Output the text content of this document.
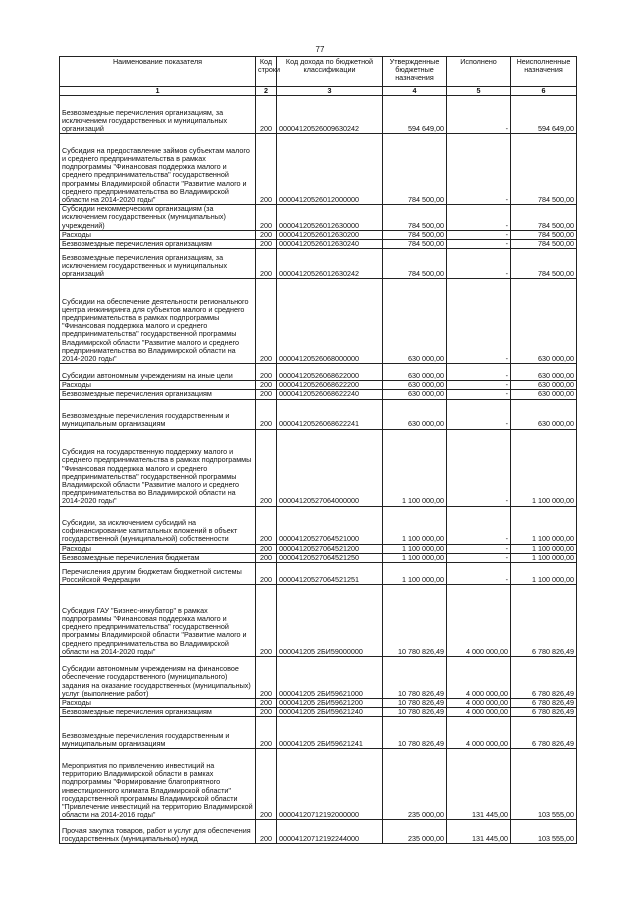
77
Наименование показателя	Код строки	Код дохода по бюджетной классификации	Утвержденные бюджетные назначения	Исполнено	Неисполненные назначения
1	2	3	4	5	6
Безвозмездные перечисления организациям, за исключением государственных и муниципальных организаций	200	00004120526009630242	594 649,00	-	594 649,00
Субсидия на предоставление займов субъектам малого и среднего предпринимательства в рамках подпрограммы "Финансовая поддержка малого и среднего предпринимательства" государственной программы Владимирской области "Развитие малого и среднего предпринимательства во Владимирской области на 2014-2020 годы"	200	00004120526012000000	784 500,00	-	784 500,00
Субсидии некоммерческим организациям (за исключением государственных (муниципальных) учреждений)	200	00004120526012630000	784 500,00	-	784 500,00
Расходы	200	00004120526012630200	784 500,00	-	784 500,00
Безвозмездные перечисления организациям	200	00004120526012630240	784 500,00	-	784 500,00
Безвозмездные перечисления организациям, за исключением государственных и муниципальных организаций	200	00004120526012630242	784 500,00	-	784 500,00
Субсидии на обеспечение деятельности регионального центра инжиниринга для субъектов малого и среднего предпринимательства в рамках подпрограммы "Финансовая поддержка малого и среднего предпринимательства" государственной программы Владимирской области "Развитие малого и среднего предпринимательства во Владимирской области на 2014-2020 годы"	200	00004120526068000000	630 000,00	-	630 000,00
Субсидии автономным учреждениям на иные цели	200	00004120526068622000	630 000,00	-	630 000,00
Расходы	200	00004120526068622200	630 000,00	-	630 000,00
Безвозмездные перечисления организациям	200	00004120526068622240	630 000,00	-	630 000,00
Безвозмездные перечисления государственным и муниципальным организациям	200	00004120526068622241	630 000,00	-	630 000,00
Субсидия на государственную поддержку малого и среднего предпринимательства в рамках подпрограммы "Финансовая поддержка малого и среднего предпринимательства" государственной программы Владимирской области "Развитие малого и среднего предпринимательства во Владимирской области на 2014-2020 годы"	200	00004120527064000000	1 100 000,00	-	1 100 000,00
Субсидии, за исключением субсидий на софинансирование капитальных вложений в объект государственной (муниципальной) собственности	200	00004120527064521000	1 100 000,00	-	1 100 000,00
Расходы	200	00004120527064521200	1 100 000,00	-	1 100 000,00
Безвозмездные перечисления бюджетам	200	00004120527064521250	1 100 000,00	-	1 100 000,00
Перечисления другим бюджетам бюджетной системы Российской Федерации	200	00004120527064521251	1 100 000,00	-	1 100 000,00
Субсидия ГАУ "Бизнес-инкубатор" в рамках подпрограммы "Финансовая поддержка малого и среднего предпринимательства" государственной программы Владимирской области "Развитие малого и среднего предпринимательства во Владимирской области на 2014-2020 годы"	200	000041205 2БИ59000000	10 780 826,49	4 000 000,00	6 780 826,49
Субсидии автономным учреждениям на финансовое обеспечение государственного (муниципального) задания на оказание государственных (муниципальных) услуг (выполнение работ)	200	000041205 2БИ59621000	10 780 826,49	4 000 000,00	6 780 826,49
Расходы	200	000041205 2БИ59621200	10 780 826,49	4 000 000,00	6 780 826,49
Безвозмездные перечисления организациям	200	000041205 2БИ59621240	10 780 826,49	4 000 000,00	6 780 826,49
Безвозмездные перечисления государственным и муниципальным организациям	200	000041205 2БИ59621241	10 780 826,49	4 000 000,00	6 780 826,49
Мероприятия по привлечению инвестиций на территорию Владимирской области в рамках подпрограммы "Формирование благоприятного инвестиционного климата Владимирской области" государственной программы Владимирской области "Привлечение инвестиций на территорию Владимирской области на 2014-2016 годы"	200	00004120712192000000	235 000,00	131 445,00	103 555,00
Прочая закупка товаров, работ и услуг для обеспечения государственных (муниципальных) нужд	200	00004120712192244000	235 000,00	131 445,00	103 555,00
